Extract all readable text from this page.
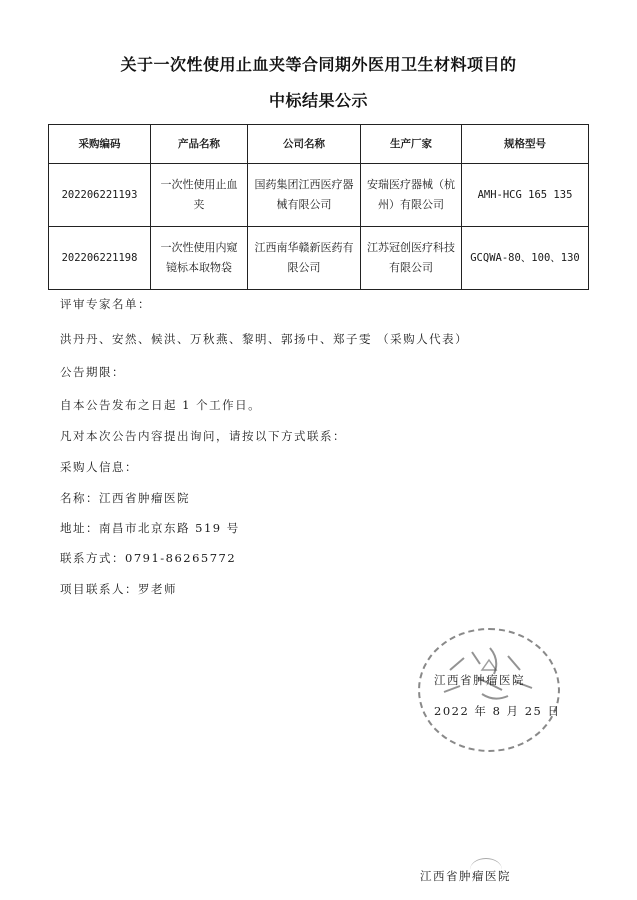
关于一次性使用止血夹等合同期外医用卫生材料项目的
中标结果公示
采购编码	产品名称	公司名称	生产厂家	规格型号
202206221193	一次性使用止血夹	国药集团江西医疗器械有限公司	安瑞医疗器械（杭州）有限公司	AMH-HCG 165 135
202206221198	一次性使用内窥镜标本取物袋	江西南华赣新医药有限公司	江苏冠创医疗科技有限公司	GCQWA-80、100、130
评审专家名单：
洪丹丹、安然、候洪、万秋燕、黎明、郭扬中、郑子雯 （采购人代表）
公告期限：
自本公告发布之日起 1 个工作日。
凡对本次公告内容提出询问，请按以下方式联系：
采购人信息：
名称：江西省肿瘤医院
地址：南昌市北京东路 519 号
联系方式：0791-86265772
项目联系人：罗老师
江西省肿瘤医院
2022 年 8 月 25 日
江西省肿瘤医院
